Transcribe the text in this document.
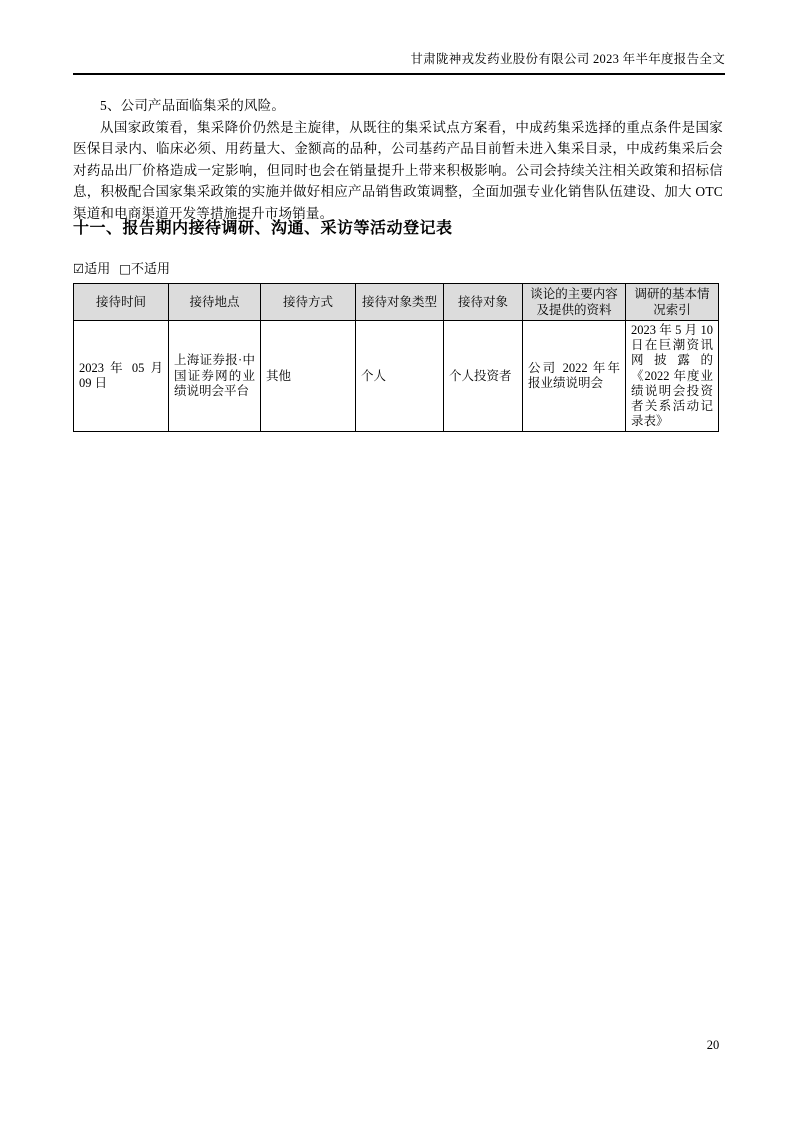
甘肃陇神戎发药业股份有限公司 2023 年半年度报告全文

5、公司产品面临集采的风险。

从国家政策看，集采降价仍然是主旋律，从既往的集采试点方案看，中成药集采选择的重点条件是国家医保目录内、临床必须、用药量大、金额高的品种，公司基药产品目前暂未进入集采目录，中成药集采后会对药品出厂价格造成一定影响，但同时也会在销量提升上带来积极影响。公司会持续关注相关政策和招标信息，积极配合国家集采政策的实施并做好相应产品销售政策调整，全面加强专业化销售队伍建设、加大 OTC 渠道和电商渠道开发等措施提升市场销量。

十一、报告期内接待调研、沟通、采访等活动登记表
☑适用 □不适用
接待时间	接待地点	接待方式	接待对象类型	接待对象	谈论的主要内容及提供的资料	调研的基本情况索引
2023 年 05 月 09 日	上海证券报·中国证券网的业绩说明会平台	其他	个人	个人投资者	公司 2022 年年报业绩说明会	2023 年 5 月 10 日在巨潮资讯网披露的《2022 年度业绩说明会投资者关系活动记录表》
20
